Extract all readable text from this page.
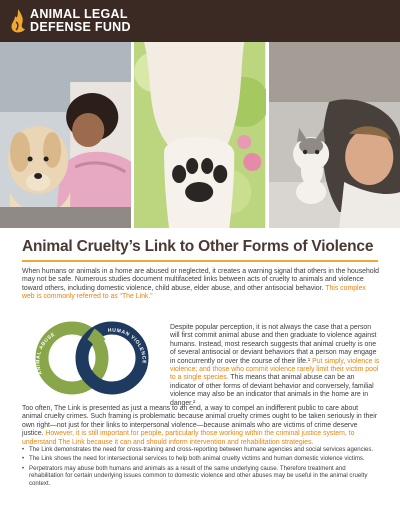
ANIMAL LEGAL
DEFENSE FUND
Animal Cruelty’s Link to Other Forms of Violence

When humans or animals in a home are abused or neglected, it creates a warning signal that others in the household may not be safe. Numerous studies document multifaceted links between acts of cruelty to animals and violence toward others, including domestic violence, child abuse, elder abuse, and other antisocial behavior. This complex web is commonly referred to as “The Link.”

ANIMAL ABUSE
HUMAN VIOLENCE

Despite popular perception, it is not always the case that a person will first commit animal abuse and then graduate to violence against humans. Instead, most research suggests that animal cruelty is one of several antisocial or deviant behaviors that a person may engage in concurrently or over the course of their life.¹ Put simply, violence is violence; and those who commit violence rarely limit their victim pool to a single species. This means that animal abuse can be an indicator of other forms of deviant behavior and conversely, familial violence may also be an indicator that animals in the home are in danger.²

Too often, The Link is presented as just a means to an end, a way to compel an indifferent public to care about animal cruelty crimes. Such framing is problematic because animal cruelty crimes ought to be taken seriously in their own right—not just for their links to interpersonal violence—because animals who are victims of crime deserve justice. However, it is still important for people, particularly those working within the criminal justice system, to understand The Link because it can and should inform intervention and rehabilitation strategies.

• The Link demonstrates the need for cross-training and cross-reporting between humane agencies and social services agencies.
• The Link shows the need for intersectional services to help both animal cruelty victims and human domestic violence victims.
• Perpetrators may abuse both humans and animals as a result of the same underlying cause. Therefore treatment and rehabilitation for certain underlying issues common to domestic violence and other abuses may be useful in the animal cruelty context.
